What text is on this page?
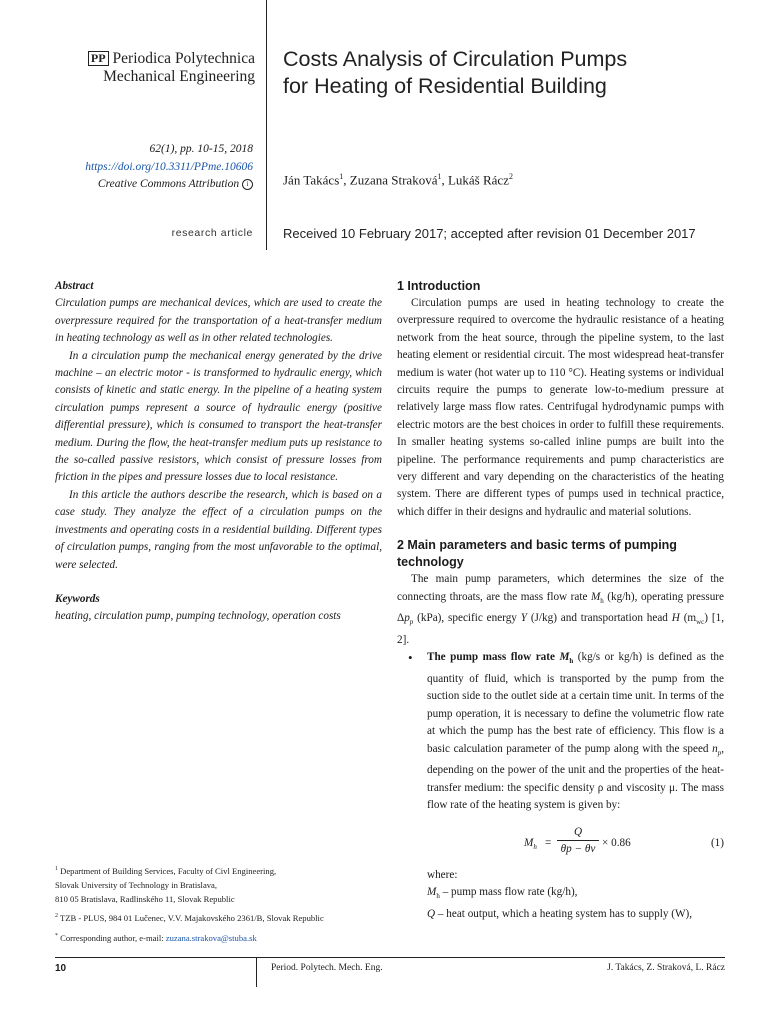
PP Periodica Polytechnica
Mechanical Engineering
62(1), pp. 10-15, 2018
https://doi.org/10.3311/PPme.10606
Creative Commons Attribution i
research article
Costs Analysis of Circulation Pumps
for Heating of Residential Building
Ján Takács$^1$, Zuzana Straková$^1$, Lukáš Rácz$^2$
Received 10 February 2017; accepted after revision 01 December 2017
Abstract

Circulation pumps are mechanical devices, which are used to create the overpressure required for the transportation of a heat-transfer medium in heating technology as well as in other related technologies.

In a circulation pump the mechanical energy generated by the drive machine – an electric motor - is transformed to hydraulic energy, which consists of kinetic and static energy. In the pipeline of a heating system circulation pumps represent a source of hydraulic energy (positive differential pressure), which is consumed to transport the heat-transfer medium. During the flow, the heat-transfer medium puts up resistance to the so-called passive resistors, which consist of pressure losses from friction in the pipes and pressure losses due to local resistance.

In this article the authors describe the research, which is based on a case study. They analyze the effect of a circulation pumps on the investments and operating costs in a residential building. Different types of circulation pumps, ranging from the most unfavorable to the optimal, were selected.

Keywords

heating, circulation pump, pumping technology, operation costs

1 Introduction

Circulation pumps are used in heating technology to create the overpressure required to overcome the hydraulic resistance of a heating network from the heat source, through the pipeline system, to the last heating element or residential circuit. The most widespread heat-transfer medium is water (hot water up to 110 °C). Heating systems or individual circuits require the pumps to generate low-to-medium pressure at relatively large mass flow rates. Centrifugal hydrodynamic pumps with electric motors are the best choices in order to fulfill these requirements. In smaller heating systems so-called inline pumps are built into the pipeline. The performance requirements and pump characteristics are very different and vary depending on the characteristics of the heating system. There are different types of pumps used in technical practice, which differ in their designs and hydraulic and material solutions.

2 Main parameters and basic terms of pumping technology

The main pump parameters, which determines the size of the connecting throats, are the mass flow rate $M_h$ (kg/h), operating pressure $\Delta p_p$ (kPa), specific energy Y (J/kg) and transportation head H $(m_{wc})$ [1, 2].

• The pump mass flow rate $M_h$ (kg/s or kg/h) is defined as the quantity of fluid, which is transported by the pump from the suction side to the outlet side at a certain time unit. In terms of the pump operation, it is necessary to define the volumetric flow rate at which the pump has the best rate of efficiency. This flow is a basic calculation parameter of the pump along with the speed $n_p$, depending on the power of the unit and the properties of the heat-transfer medium: the specific density ρ and viscosity μ. The mass flow rate of the heating system is given by:

$M_h = \frac{Q}{\theta p - \theta v} \times 0.86$	(1)

where:

$M_h$ – pump mass flow rate (kg/h),

Q – heat output, which a heating system has to supply (W),

$^1$ Department of Building Services, Faculty of Civl Engineering,
Slovak University of Technology in Bratislava,
810 05 Bratislava, Radlinského 11, Slovak Republic

$^2$ TZB - PLUS, 984 01 Lučenec, V.V. Majakovského 2361/B, Slovak Republic

* Corresponding author, e-mail: zuzana.strakova@stuba.sk

10	Period. Polytech. Mech. Eng.	J. Takács, Z. Straková, L. Rácz
